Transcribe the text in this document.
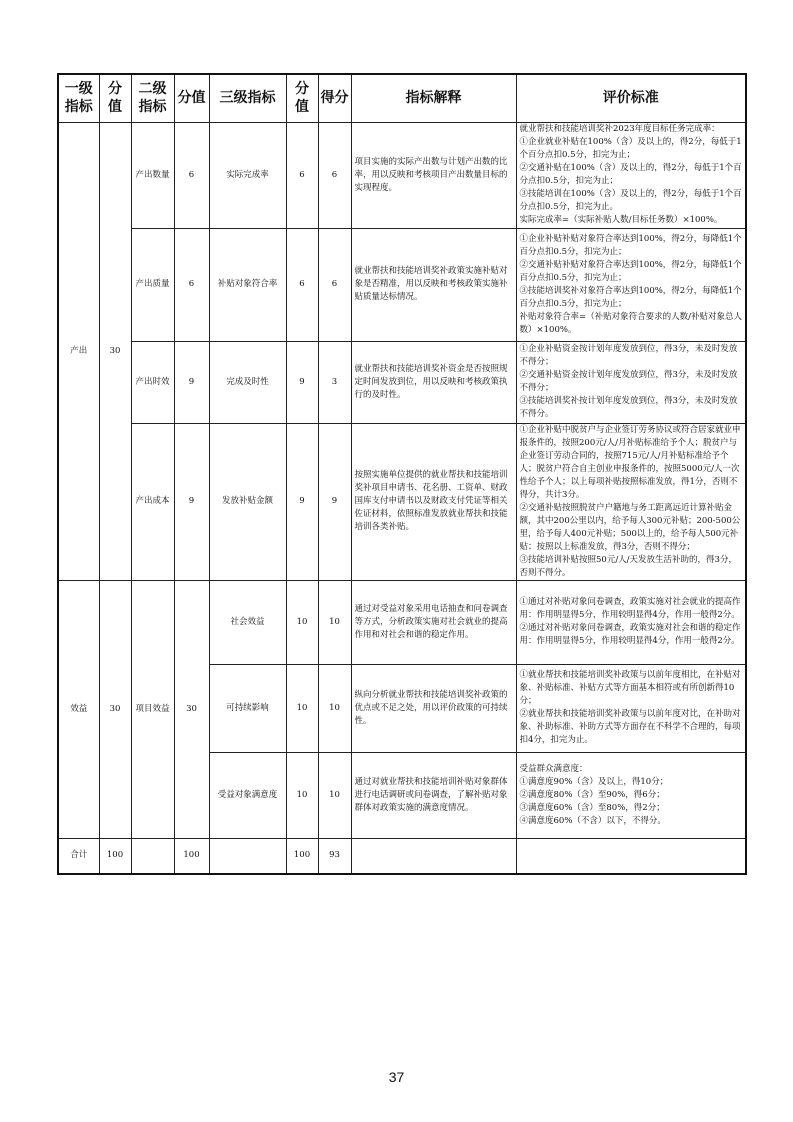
一级指标	分值	二级指标	分值	三级指标	分值	得分	指标解释	评价标准
产出	30	产出数量	6	实际完成率	6	6	项目实施的实际产出数与计划产出数的比率，用以反映和考核项目产出数量目标的实现程度。	就业帮扶和技能培训奖补2023年度目标任务完成率：
①企业就业补贴在100%（含）及以上的，得2分，每低于1个百分点扣0.5分，扣完为止；
②交通补贴在100%（含）及以上的，得2分，每低于1个百分点扣0.5分，扣完为止；
③技能培训在100%（含）及以上的，得2分，每低于1个百分点扣0.5分，扣完为止。
实际完成率=（实际补贴人数/目标任务数）×100%。
		产出质量	6	补贴对象符合率	6	6	就业帮扶和技能培训奖补政策实施补贴对象是否精准，用以反映和考核政策实施补贴质量达标情况。	①企业补贴补贴对象符合率达到100%，得2分，每降低1个百分点扣0.5分，扣完为止；
②交通补贴补贴对象符合率达到100%，得2分，每降低1个百分点扣0.5分，扣完为止；
③技能培训奖补对象符合率达到100%，得2分，每降低1个百分点扣0.5分，扣完为止；
补贴对象符合率=（补贴对象符合要求的人数/补贴对象总人数）×100%。
		产出时效	9	完成及时性	9	3	就业帮扶和技能培训奖补资金是否按照规定时间发放到位，用以反映和考核政策执行的及时性。	①企业补贴资金按计划年度发放到位，得3分，未及时发放不得分；
②交通补贴资金按计划年度发放到位，得3分，未及时发放不得分；
③技能培训奖补按计划年度发放到位，得3分，未及时发放不得分。
		产出成本	9	发放补贴金额	9	9	按照实施单位提供的就业帮扶和技能培训奖补项目申请书、花名册、工资单、财政国库支付申请书以及财政支付凭证等相关佐证材料，依照标准发放就业帮扶和技能培训各类补贴。	①企业补贴中脱贫户与企业签订劳务协议或符合居家就业申报条件的，按照200元/人/月补贴标准给予个人；脱贫户与企业签订劳动合同的，按照715元/人/月补贴标准给予个人；脱贫户符合自主创业申报条件的，按照5000元/人一次性给予个人；以上每项补贴按照标准发放，得1分，否则不得分，共计3分。
②交通补贴按照脱贫户户籍地与务工距离远近计算补贴金额，其中200公里以内，给予每人300元补贴；200-500公里，给予每人400元补贴；500以上的，给予每人500元补贴；按照以上标准发放，得3分，否则不得分；
③技能培训补贴按照50元/人/天发放生活补助的，得3分，否则不得分。
效益	30	项目效益	30	社会效益	10	10	通过对受益对象采用电话抽查和问卷调查等方式，分析政策实施对社会就业的提高作用和对社会和谐的稳定作用。	①通过对补贴对象问卷调查，政策实施对社会就业的提高作用：作用明显得5分，作用较明显得4分，作用一般得2分。
②通过对补贴对象问卷调查，政策实施对社会和谐的稳定作用：作用明显得5分，作用较明显得4分，作用一般得2分。
				可持续影响	10	10	纵向分析就业帮扶和技能培训奖补政策的优点或不足之处，用以评价政策的可持续性。	①就业帮扶和技能培训奖补政策与以前年度相比，在补贴对象、补贴标准、补贴方式等方面基本相符或有所创新得10分；
②就业帮扶和技能培训奖补政策与以前年度对比，在补助对象、补助标准、补助方式等方面存在不科学不合理的，每项扣4分，扣完为止。
				受益对象满意度	10	10	通过对就业帮扶和技能培训补贴对象群体进行电话调研或问卷调查，了解补贴对象群体对政策实施的满意度情况。	受益群众满意度：
①满意度90%（含）及以上，得10分；
②满意度80%（含）至90%，得6分；
③满意度60%（含）至80%，得2分；
④满意度60%（不含）以下，不得分。
合计	100		100		100	93		
37
